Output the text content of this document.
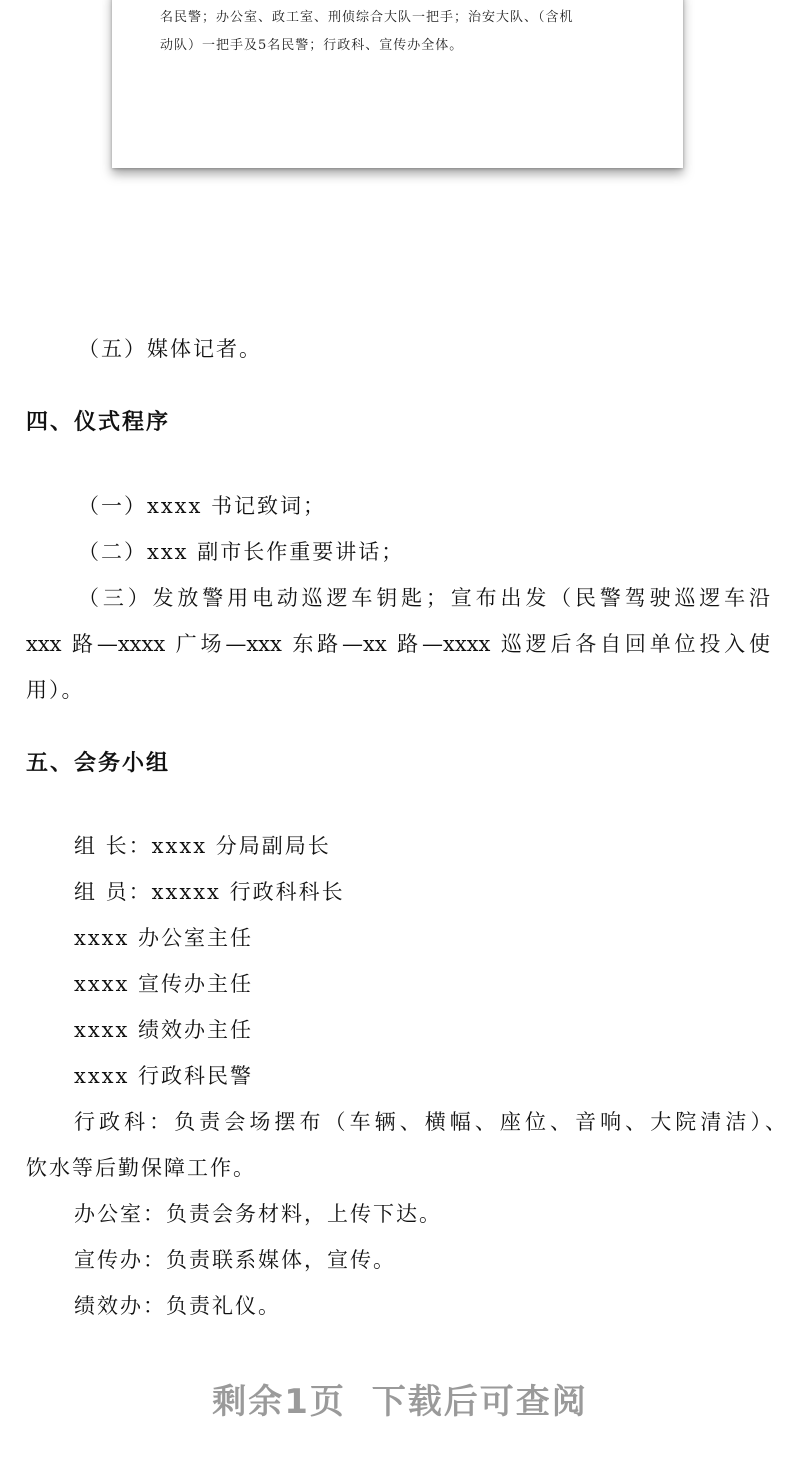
名民警；办公室、政工室、刑侦综合大队一把手；治安大队、（含机
动队）一把手及5名民警；行政科、宣传办全体。
（五）媒体记者。
四、仪式程序
（一）xxxx 书记致词；
（二）xxx 副市长作重要讲话；
（三）发放警用电动巡逻车钥匙；宣布出发（民警驾驶巡逻车沿
xxx 路—xxxx 广场—xxx 东路—xx 路—xxxx 巡逻后各自回单位投入使
用）。
五、会务小组
组 长：xxxx 分局副局长
组 员：xxxxx 行政科科长
xxxx 办公室主任
xxxx 宣传办主任
xxxx 绩效办主任
xxxx 行政科民警
行政科：负责会场摆布（车辆、横幅、座位、音响、大院清洁）、
饮水等后勤保障工作。
办公室：负责会务材料，上传下达。
宣传办：负责联系媒体，宣传。
绩效办：负责礼仪。
剩余1页 下载后可查阅
